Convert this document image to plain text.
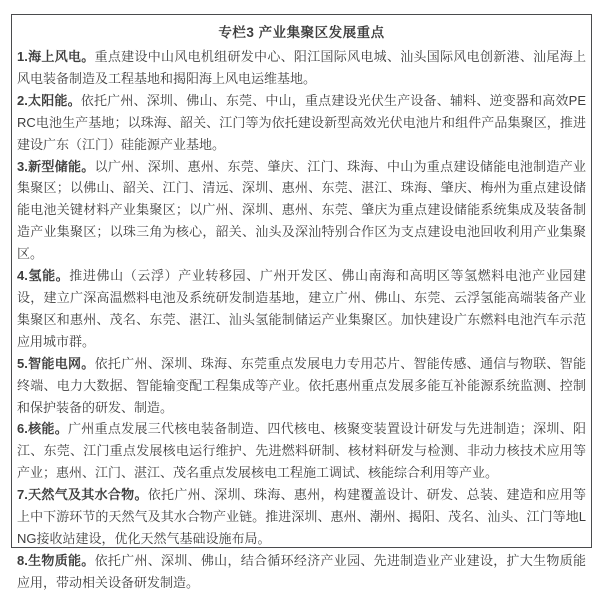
专栏3 产业集聚区发展重点

1.海上风电。重点建设中山风电机组研发中心、阳江国际风电城、汕头国际风电创新港、汕尾海上风电装备制造及工程基地和揭阳海上风电运维基地。

2.太阳能。依托广州、深圳、佛山、东莞、中山，重点建设光伏生产设备、辅料、逆变器和高效PERC电池生产基地；以珠海、韶关、江门等为依托建设新型高效光伏电池片和组件产品集聚区，推进建设广东（江门）硅能源产业基地。

3.新型储能。以广州、深圳、惠州、东莞、肇庆、江门、珠海、中山为重点建设储能电池制造产业集聚区；以佛山、韶关、江门、清远、深圳、惠州、东莞、湛江、珠海、肇庆、梅州为重点建设储能电池关键材料产业集聚区；以广州、深圳、惠州、东莞、肇庆为重点建设储能系统集成及装备制造产业集聚区；以珠三角为核心，韶关、汕头及深汕特别合作区为支点建设电池回收利用产业集聚区。

4.氢能。推进佛山（云浮）产业转移园、广州开发区、佛山南海和高明区等氢燃料电池产业园建设，建立广深高温燃料电池及系统研发制造基地，建立广州、佛山、东莞、云浮氢能高端装备产业集聚区和惠州、茂名、东莞、湛江、汕头氢能制储运产业集聚区。加快建设广东燃料电池汽车示范应用城市群。

5.智能电网。依托广州、深圳、珠海、东莞重点发展电力专用芯片、智能传感、通信与物联、智能终端、电力大数据、智能输变配工程集成等产业。依托惠州重点发展多能互补能源系统监测、控制和保护装备的研发、制造。

6.核能。广州重点发展三代核电装备制造、四代核电、核聚变装置设计研发与先进制造；深圳、阳江、东莞、江门重点发展核电运行维护、先进燃料研制、核材料研发与检测、非动力核技术应用等产业；惠州、江门、湛江、茂名重点发展核电工程施工调试、核能综合利用等产业。

7.天然气及其水合物。依托广州、深圳、珠海、惠州，构建覆盖设计、研发、总装、建造和应用等上中下游环节的天然气及其水合物产业链。推进深圳、惠州、潮州、揭阳、茂名、汕头、江门等地LNG接收站建设，优化天然气基础设施布局。

8.生物质能。依托广州、深圳、佛山，结合循环经济产业园、先进制造业产业建设，扩大生物质能应用，带动相关设备研发制造。
